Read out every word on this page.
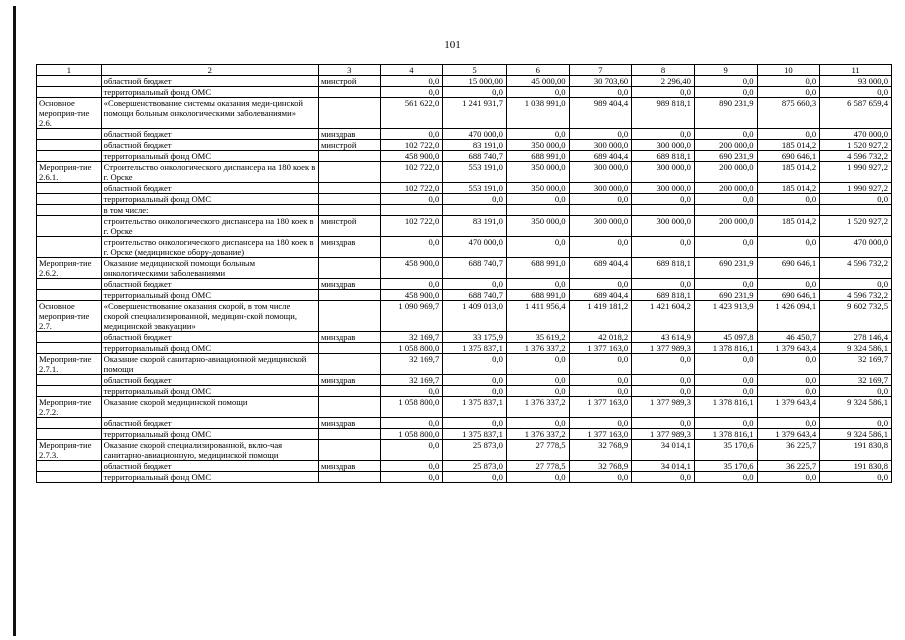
101
1	2	3	4	5	6	7	8	9	10	11
	областной бюджет	минстрой	0,0	15 000,00	45 000,00	30 703,60	2 296,40	0,0	0,0	93 000,0
	территориальный фонд ОМС		0,0	0,0	0,0	0,0	0,0	0,0	0,0	0,0
Основное мероприя-тие 2.6.	«Совершенствование системы оказания меди-цинской помощи больным онкологическими заболеваниями»		561 622,0	1 241 931,7	1 038 991,0	989 404,4	989 818,1	890 231,9	875 660,3	6 587 659,4
	областной бюджет	минздрав	0,0	470 000,0	0,0	0,0	0,0	0,0	0,0	470 000,0
	областной бюджет	минстрой	102 722,0	83 191,0	350 000,0	300 000,0	300 000,0	200 000,0	185 014,2	1 520 927,2
	территориальный фонд ОМС		458 900,0	688 740,7	688 991,0	689 404,4	689 818,1	690 231,9	690 646,1	4 596 732,2
Мероприя-тие 2.6.1.	Строительство онкологического диспансера на 180 коек в г. Орске		102 722,0	553 191,0	350 000,0	300 000,0	300 000,0	200 000,0	185 014,2	1 990 927,2
	областной бюджет		102 722,0	553 191,0	350 000,0	300 000,0	300 000,0	200 000,0	185 014,2	1 990 927,2
	территориальный фонд ОМС		0,0	0,0	0,0	0,0	0,0	0,0	0,0	0,0
	в том числе:									
	строительство онкологического диспансера на 180 коек в г. Орске	минстрой	102 722,0	83 191,0	350 000,0	300 000,0	300 000,0	200 000,0	185 014,2	1 520 927,2
	строительство онкологического диспансера на 180 коек в г. Орске (медицинское обору-дование)	минздрав	0,0	470 000,0	0,0	0,0	0,0	0,0	0,0	470 000,0
Мероприя-тие 2.6.2.	Оказание медицинской помощи больным онкологическими заболеваниями		458 900,0	688 740,7	688 991,0	689 404,4	689 818,1	690 231,9	690 646,1	4 596 732,2
	областной бюджет	минздрав	0,0	0,0	0,0	0,0	0,0	0,0	0,0	0,0
	территориальный фонд ОМС		458 900,0	688 740,7	688 991,0	689 404,4	689 818,1	690 231,9	690 646,1	4 596 732,2
Основное мероприя-тие 2.7.	«Совершенствование оказания скорой, в том числе скорой специализированной, медицин-ской помощи, медицинской эвакуации»		1 090 969,7	1 409 013,0	1 411 956,4	1 419 181,2	1 421 604,2	1 423 913,9	1 426 094,1	9 602 732,5
	областной бюджет	минздрав	32 169,7	33 175,9	35 619,2	42 018,2	43 614,9	45 097,8	46 450,7	278 146,4
	территориальный фонд ОМС		1 058 800,0	1 375 837,1	1 376 337,2	1 377 163,0	1 377 989,3	1 378 816,1	1 379 643,4	9 324 586,1
Мероприя-тие 2.7.1.	Оказание скорой санитарно-авиационной медицинской помощи		32 169,7	0,0	0,0	0,0	0,0	0,0	0,0	32 169,7
	областной бюджет	минздрав	32 169,7	0,0	0,0	0,0	0,0	0,0	0,0	32 169,7
	территориальный фонд ОМС		0,0	0,0	0,0	0,0	0,0	0,0	0,0	0,0
Мероприя-тие 2.7.2.	Оказание скорой медицинской помощи		1 058 800,0	1 375 837,1	1 376 337,2	1 377 163,0	1 377 989,3	1 378 816,1	1 379 643,4	9 324 586,1
	областной бюджет	минздрав	0,0	0,0	0,0	0,0	0,0	0,0	0,0	0,0
	территориальный фонд ОМС		1 058 800,0	1 375 837,1	1 376 337,2	1 377 163,0	1 377 989,3	1 378 816,1	1 379 643,4	9 324 586,1
Мероприя-тие 2.7.3.	Оказание скорой специализированной, вклю-чая санитарно-авиационную, медицинской помощи		0,0	25 873,0	27 778,5	32 768,9	34 014,1	35 170,6	36 225,7	191 830,8
	областной бюджет	минздрав	0,0	25 873,0	27 778,5	32 768,9	34 014,1	35 170,6	36 225,7	191 830,8
	территориальный фонд ОМС		0,0	0,0	0,0	0,0	0,0	0,0	0,0	0,0
